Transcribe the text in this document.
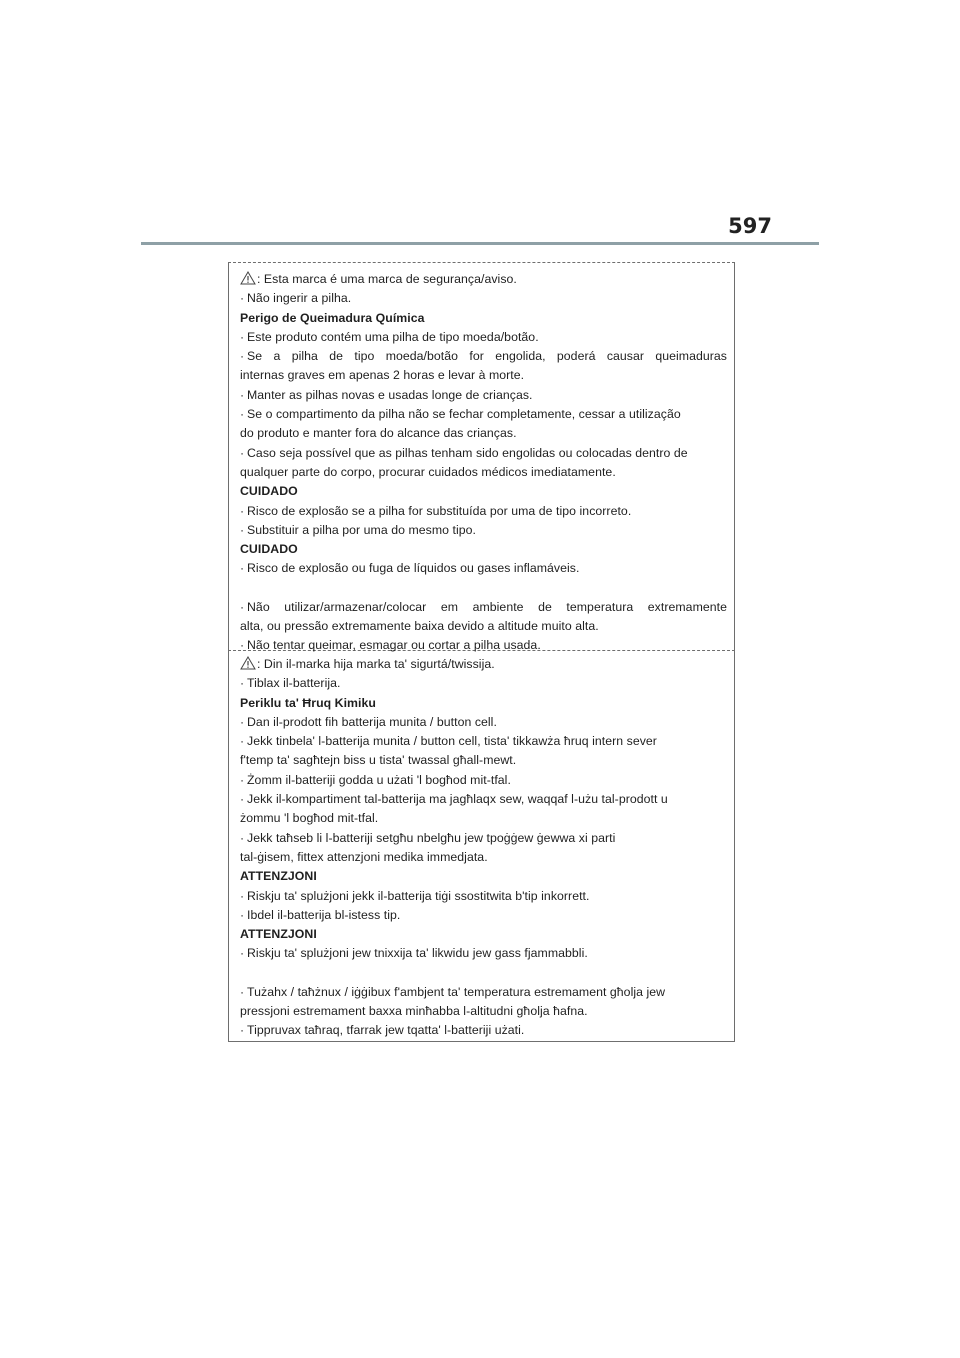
597
: Esta marca é uma marca de segurança/aviso.
· Não ingerir a pilha.
Perigo de Queimadura Química
· Este produto contém uma pilha de tipo moeda/botão.
· Se a pilha de tipo moeda/botão for engolida, poderá causar queimaduras
internas graves em apenas 2 horas e levar à morte.
· Manter as pilhas novas e usadas longe de crianças.
· Se o compartimento da pilha não se fechar completamente, cessar a utilização
do produto e manter fora do alcance das crianças.
· Caso seja possível que as pilhas tenham sido engolidas ou colocadas dentro de
qualquer parte do corpo, procurar cuidados médicos imediatamente.
CUIDADO
· Risco de explosão se a pilha for substituída por uma de tipo incorreto.
· Substituir a pilha por uma do mesmo tipo.
CUIDADO
· Risco de explosão ou fuga de líquidos ou gases inflamáveis.
· Não utilizar/armazenar/colocar em ambiente de temperatura extremamente
alta, ou pressão extremamente baixa devido a altitude muito alta.
· Não tentar queimar, esmagar ou cortar a pilha usada.
: Din il-marka hija marka ta' sigurtá/twissija.
· Tiblax il-batterija.
Periklu ta' Ħruq Kimiku
· Dan il-prodott fih batterija munita / button cell.
· Jekk tinbela' l-batterija munita / button cell, tista' tikkawża ħruq intern sever
f'temp ta' sagħtejn biss u tista' twassal għall-mewt.
· Żomm il-batteriji godda u użati 'l bogħod mit-tfal.
· Jekk il-kompartiment tal-batterija ma jagħlaqx sew, waqqaf l-użu tal-prodott u
żommu 'l bogħod mit-tfal.
· Jekk taħseb li l-batteriji setgħu nbelgħu jew tpoġġew ġewwa xi parti
tal-ġisem, fittex attenzjoni medika immedjata.
ATTENZJONI
· Riskju ta' splużjoni jekk il-batterija tiġi ssostitwita b'tip inkorrett.
· Ibdel il-batterija bl-istess tip.
ATTENZJONI
· Riskju ta' splużjoni jew tnixxija ta' likwidu jew gass fjammabbli.
· Tużahx / taħżnux / iġġibux f'ambjent ta' temperatura estremament għolja jew
pressjoni estremament baxxa minħabba l-altitudni għolja ħafna.
· Tippruvax taħraq, tfarrak jew tqatta' l-batteriji użati.
